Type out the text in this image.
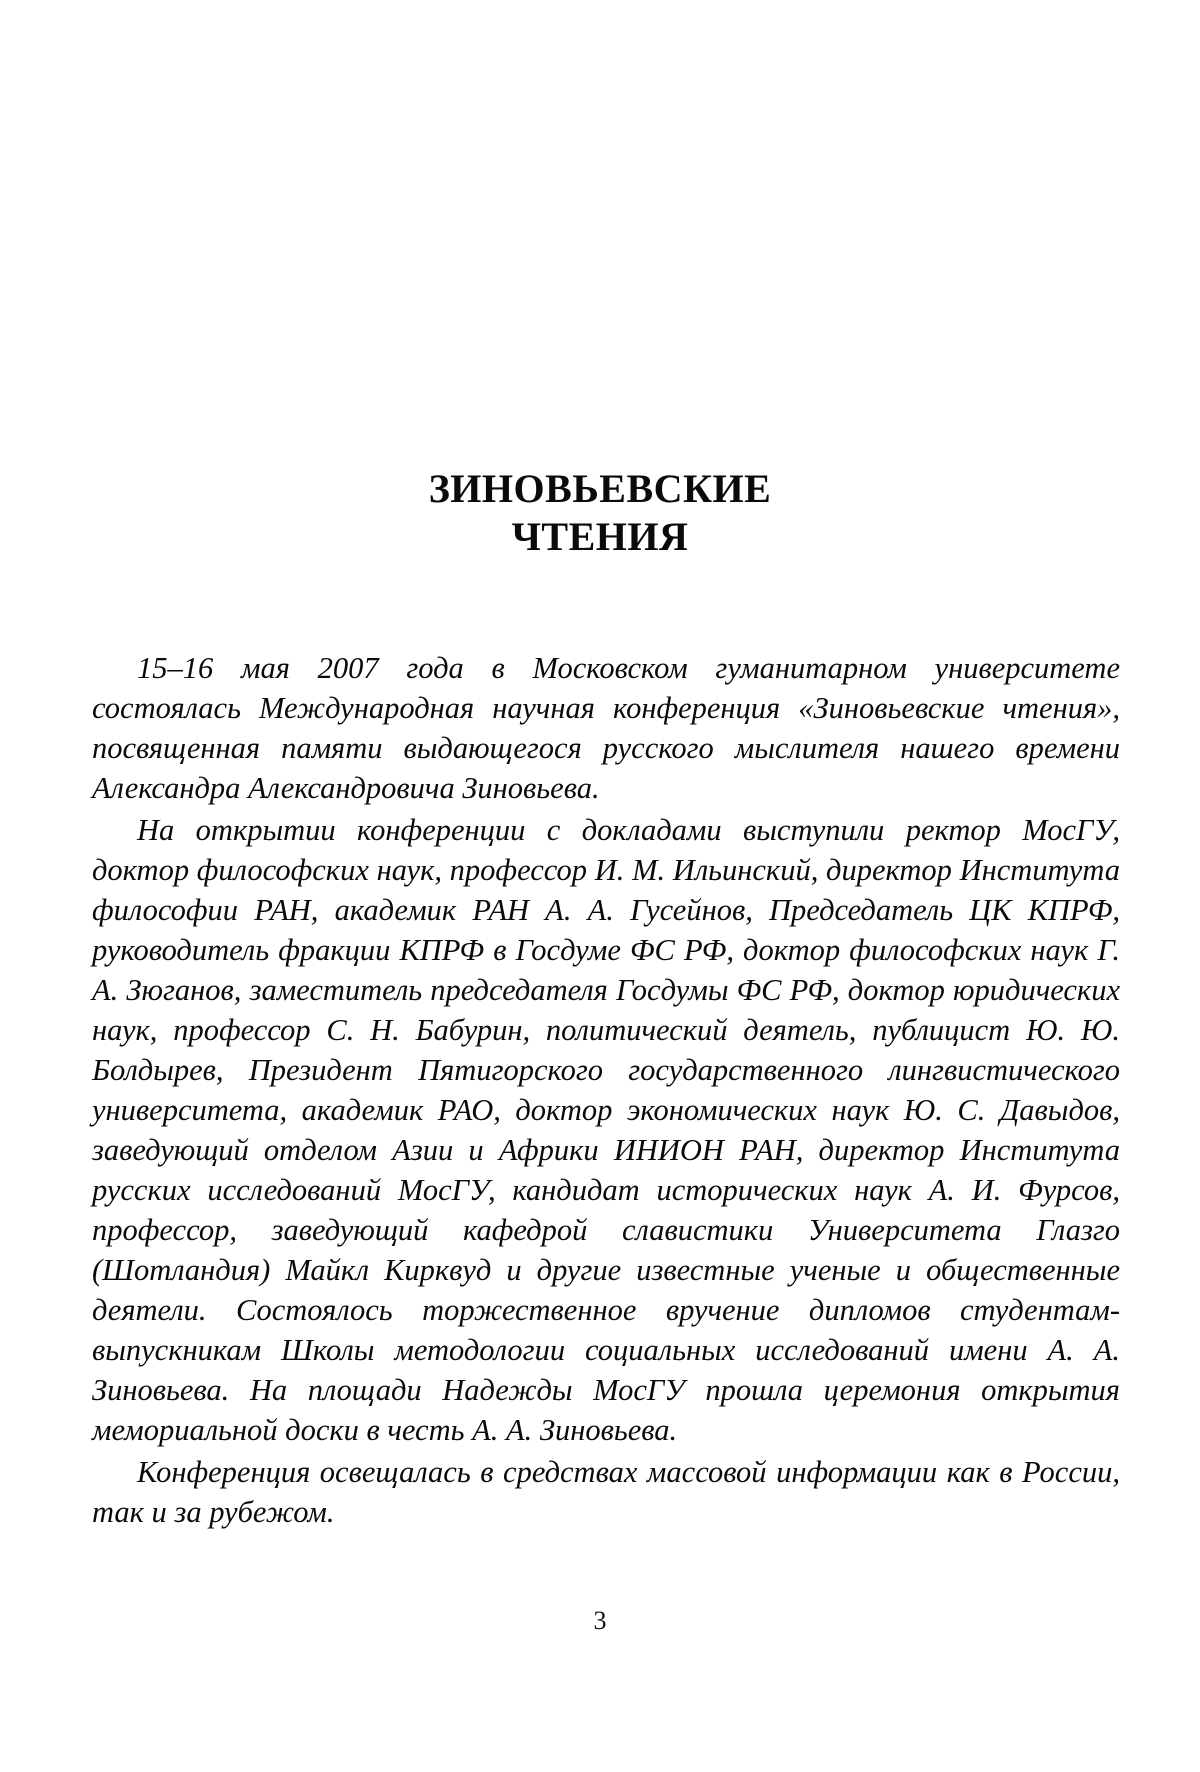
ЗИНОВЬЕВСКИЕ
ЧТЕНИЯ

15–16 мая 2007 года в Московском гуманитарном университете состоялась Международная научная конференция «Зиновьевские чтения», посвященная памяти выдающегося русского мыслителя нашего времени Александра Александровича Зиновьева.

На открытии конференции с докладами выступили ректор МосГУ, доктор философских наук, профессор И. М. Ильинский, директор Института философии РАН, академик РАН А. А. Гусейнов, Председатель ЦК КПРФ, руководитель фракции КПРФ в Госдуме ФС РФ, доктор философских наук Г. А. Зюганов, заместитель председателя Госдумы ФС РФ, доктор юридических наук, профессор С. Н. Бабурин, политический деятель, публицист Ю. Ю. Болдырев, Президент Пятигорского государственного лингвистического университета, академик РАО, доктор экономических наук Ю. С. Давыдов, заведующий отделом Азии и Африки ИНИОН РАН, директор Института русских исследований МосГУ, кандидат исторических наук А. И. Фурсов, профессор, заведующий кафедрой славистики Университета Глазго (Шотландия) Майкл Кирквуд и другие известные ученые и общественные деятели. Состоялось торжественное вручение дипломов студентам-выпускникам Школы методологии социальных исследований имени А. А. Зиновьева. На площади Надежды МосГУ прошла церемония открытия мемориальной доски в честь А. А. Зиновьева.

Конференция освещалась в средствах массовой информации как в России, так и за рубежом.

3
